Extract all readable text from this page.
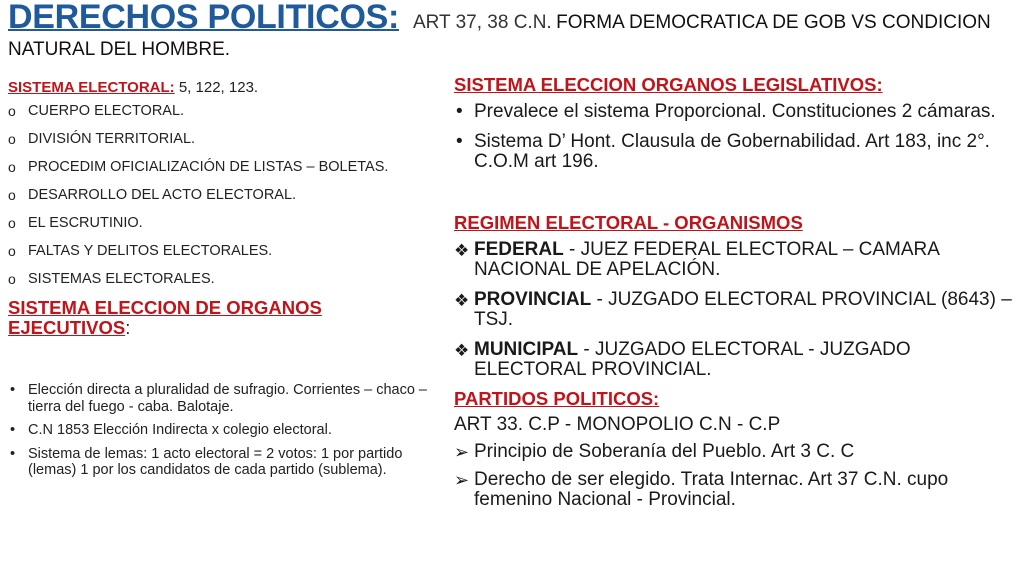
DERECHOS POLITICOS: ART 37, 38 C.N. FORMA DEMOCRATICA DE GOB VS CONDICION
NATURAL DEL HOMBRE.
SISTEMA ELECTORAL: 5, 122, 123.
o CUERPO ELECTORAL.
o DIVISIÓN TERRITORIAL.
o PROCEDIM OFICIALIZACIÓN DE LISTAS – BOLETAS.
o DESARROLLO DEL ACTO ELECTORAL.
o EL ESCRUTINIO.
o FALTAS Y DELITOS ELECTORALES.
o SISTEMAS ELECTORALES.
SISTEMA ELECCION DE ORGANOS EJECUTIVOS:
• Elección directa a pluralidad de sufragio. Corrientes – chaco – tierra del fuego - caba. Balotaje.
• C.N 1853 Elección Indirecta x colegio electoral.
• Sistema de lemas: 1 acto electoral = 2 votos: 1 por partido (lemas) 1 por los candidatos de cada partido (sublema).
SISTEMA ELECCION ORGANOS LEGISLATIVOS:
• Prevalece el sistema Proporcional. Constituciones 2 cámaras.
• Sistema D’ Hont. Clausula de Gobernabilidad. Art 183, inc 2°. C.O.M art 196.
REGIMEN ELECTORAL - ORGANISMOS
❖ FEDERAL - JUEZ FEDERAL ELECTORAL – CAMARA NACIONAL DE APELACIÓN.
❖ PROVINCIAL - JUZGADO ELECTORAL PROVINCIAL (8643) –TSJ.
❖ MUNICIPAL - JUZGADO ELECTORAL - JUZGADO ELECTORAL PROVINCIAL.
PARTIDOS POLITICOS:
ART 33. C.P - MONOPOLIO C.N - C.P
➢ Principio de Soberanía del Pueblo. Art 3 C. C
➢ Derecho de ser elegido. Trata Internac. Art 37 C.N. cupo femenino Nacional - Provincial.
